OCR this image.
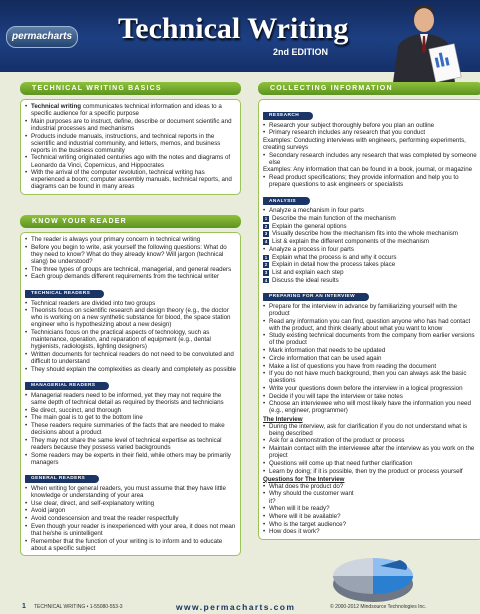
permacharts Technical Writing
2nd EDITION
TECHNICAL WRITING BASICS
• Technical writing communicates technical information and ideas to a specific audience for a specific purpose
• Main purposes are to instruct, define, describe or document scientific and industrial processes and mechanisms
• Products include manuals, instructions, and technical reports in the scientific and industrial community, and letters, memos, and business reports in the business community
• Technical writing originated centuries ago with the notes and diagrams of Leonardo da Vinci, Copernicus, and Hippocrates
• With the arrival of the computer revolution, technical writing has experienced a boom; computer assembly manuals, technical reports, and diagrams can be found in many areas
KNOW YOUR READER
• The reader is always your primary concern in technical writing
• Before you begin to write, ask yourself the following questions: What do they need to know? What do they already know? Will jargon (technical slang) be understood?
• The three types of groups are technical, managerial, and general readers
• Each group demands different requirements from the technical writer
TECHNICAL READERS
• Technical readers are divided into two groups
• Theorists focus on scientific research and design theory (e.g., the doctor who is working on a new synthetic substance for blood, the space station engineer who is hypothesizing about a new design)
• Technicians focus on the practical aspects of technology, such as maintenance, operation, and reparation of equipment (e.g., dental hygienists, radiologists, lighting designers)
• Written documents for technical readers do not need to be convoluted and difficult to understand
• They should explain the complexities as clearly and completely as possible
MANAGERIAL READERS
• Managerial readers need to be informed, yet they may not require the same depth of technical detail as required by theorists and technicians
• Be direct, succinct, and thorough
• The main goal is to get to the bottom line
• These readers require summaries of the facts that are needed to make decisions about a product
• They may not share the same level of technical expertise as technical readers because they possess varied backgrounds
• Some readers may be experts in their field, while others may be primarily managers
GENERAL READERS
• When writing for general readers, you must assume that they have little knowledge or understanding of your area
• Use clear, direct, and self-explanatory writing
• Avoid jargon
• Avoid condescension and treat the reader respectfully
• Even though your reader is inexperienced with your area, it does not mean that he/she is unintelligent
• Remember that the function of your writing is to inform and to educate about a specific subject
COLLECTING INFORMATION
RESEARCH
• Research your subject thoroughly before you plan an outline
• Primary research includes any research that you conduct
Examples: Conducting interviews with engineers, performing experiments, creating surveys
• Secondary research includes any research that was completed by someone else
Examples: Any information that can be found in a book, journal, or magazine
• Read product specifications; they provide information and help you to prepare questions to ask engineers or specialists
ANALYSIS
• Analyze a mechanism in four parts
1 Describe the main function of the mechanism
2 Explain the general options
3 Visually describe how the mechanism fits into the whole mechanism
4 List & explain the different components of the mechanism
• Analyze a process in four parts
1 Explain what the process is and why it occurs
2 Explain in detail how the process takes place
3 List and explain each step
4 Discuss the ideal results
PREPARING FOR AN INTERVIEW
• Prepare for the interview in advance by familiarizing yourself with the product
• Read any information you can find, question anyone who has had contact with the product, and think clearly about what you want to know
• Study existing technical documents from the company from earlier versions of the product
• Mark information that needs to be updated
• Circle information that can be used again
• Make a list of questions you have from reading the document
• If you do not have much background, then you can always ask the basic questions
• Write your questions down before the interview in a logical progression
• Decide if you will tape the interview or take notes
• Choose an interviewee who will most likely have the information you need (e.g., engineer, programmer)
The Interview
• During the interview, ask for clarification if you do not understand what is being described
• Ask for a demonstration of the product or process
• Maintain contact with the interviewee after the interview as you work on the project
• Questions will come up that need further clarification
• Learn by doing; if it is possible, then try the product or process yourself
Questions for The Interview
• What does the product do?
• Why should the customer want it?
• When will it be ready?
• Where will it be available?
• Who is the target audience?
• How does it work?
1 TECHNICAL WRITING • 1-55080-553-3	www.permacharts.com	© 2000-2012 Mindsource Technologies Inc.
